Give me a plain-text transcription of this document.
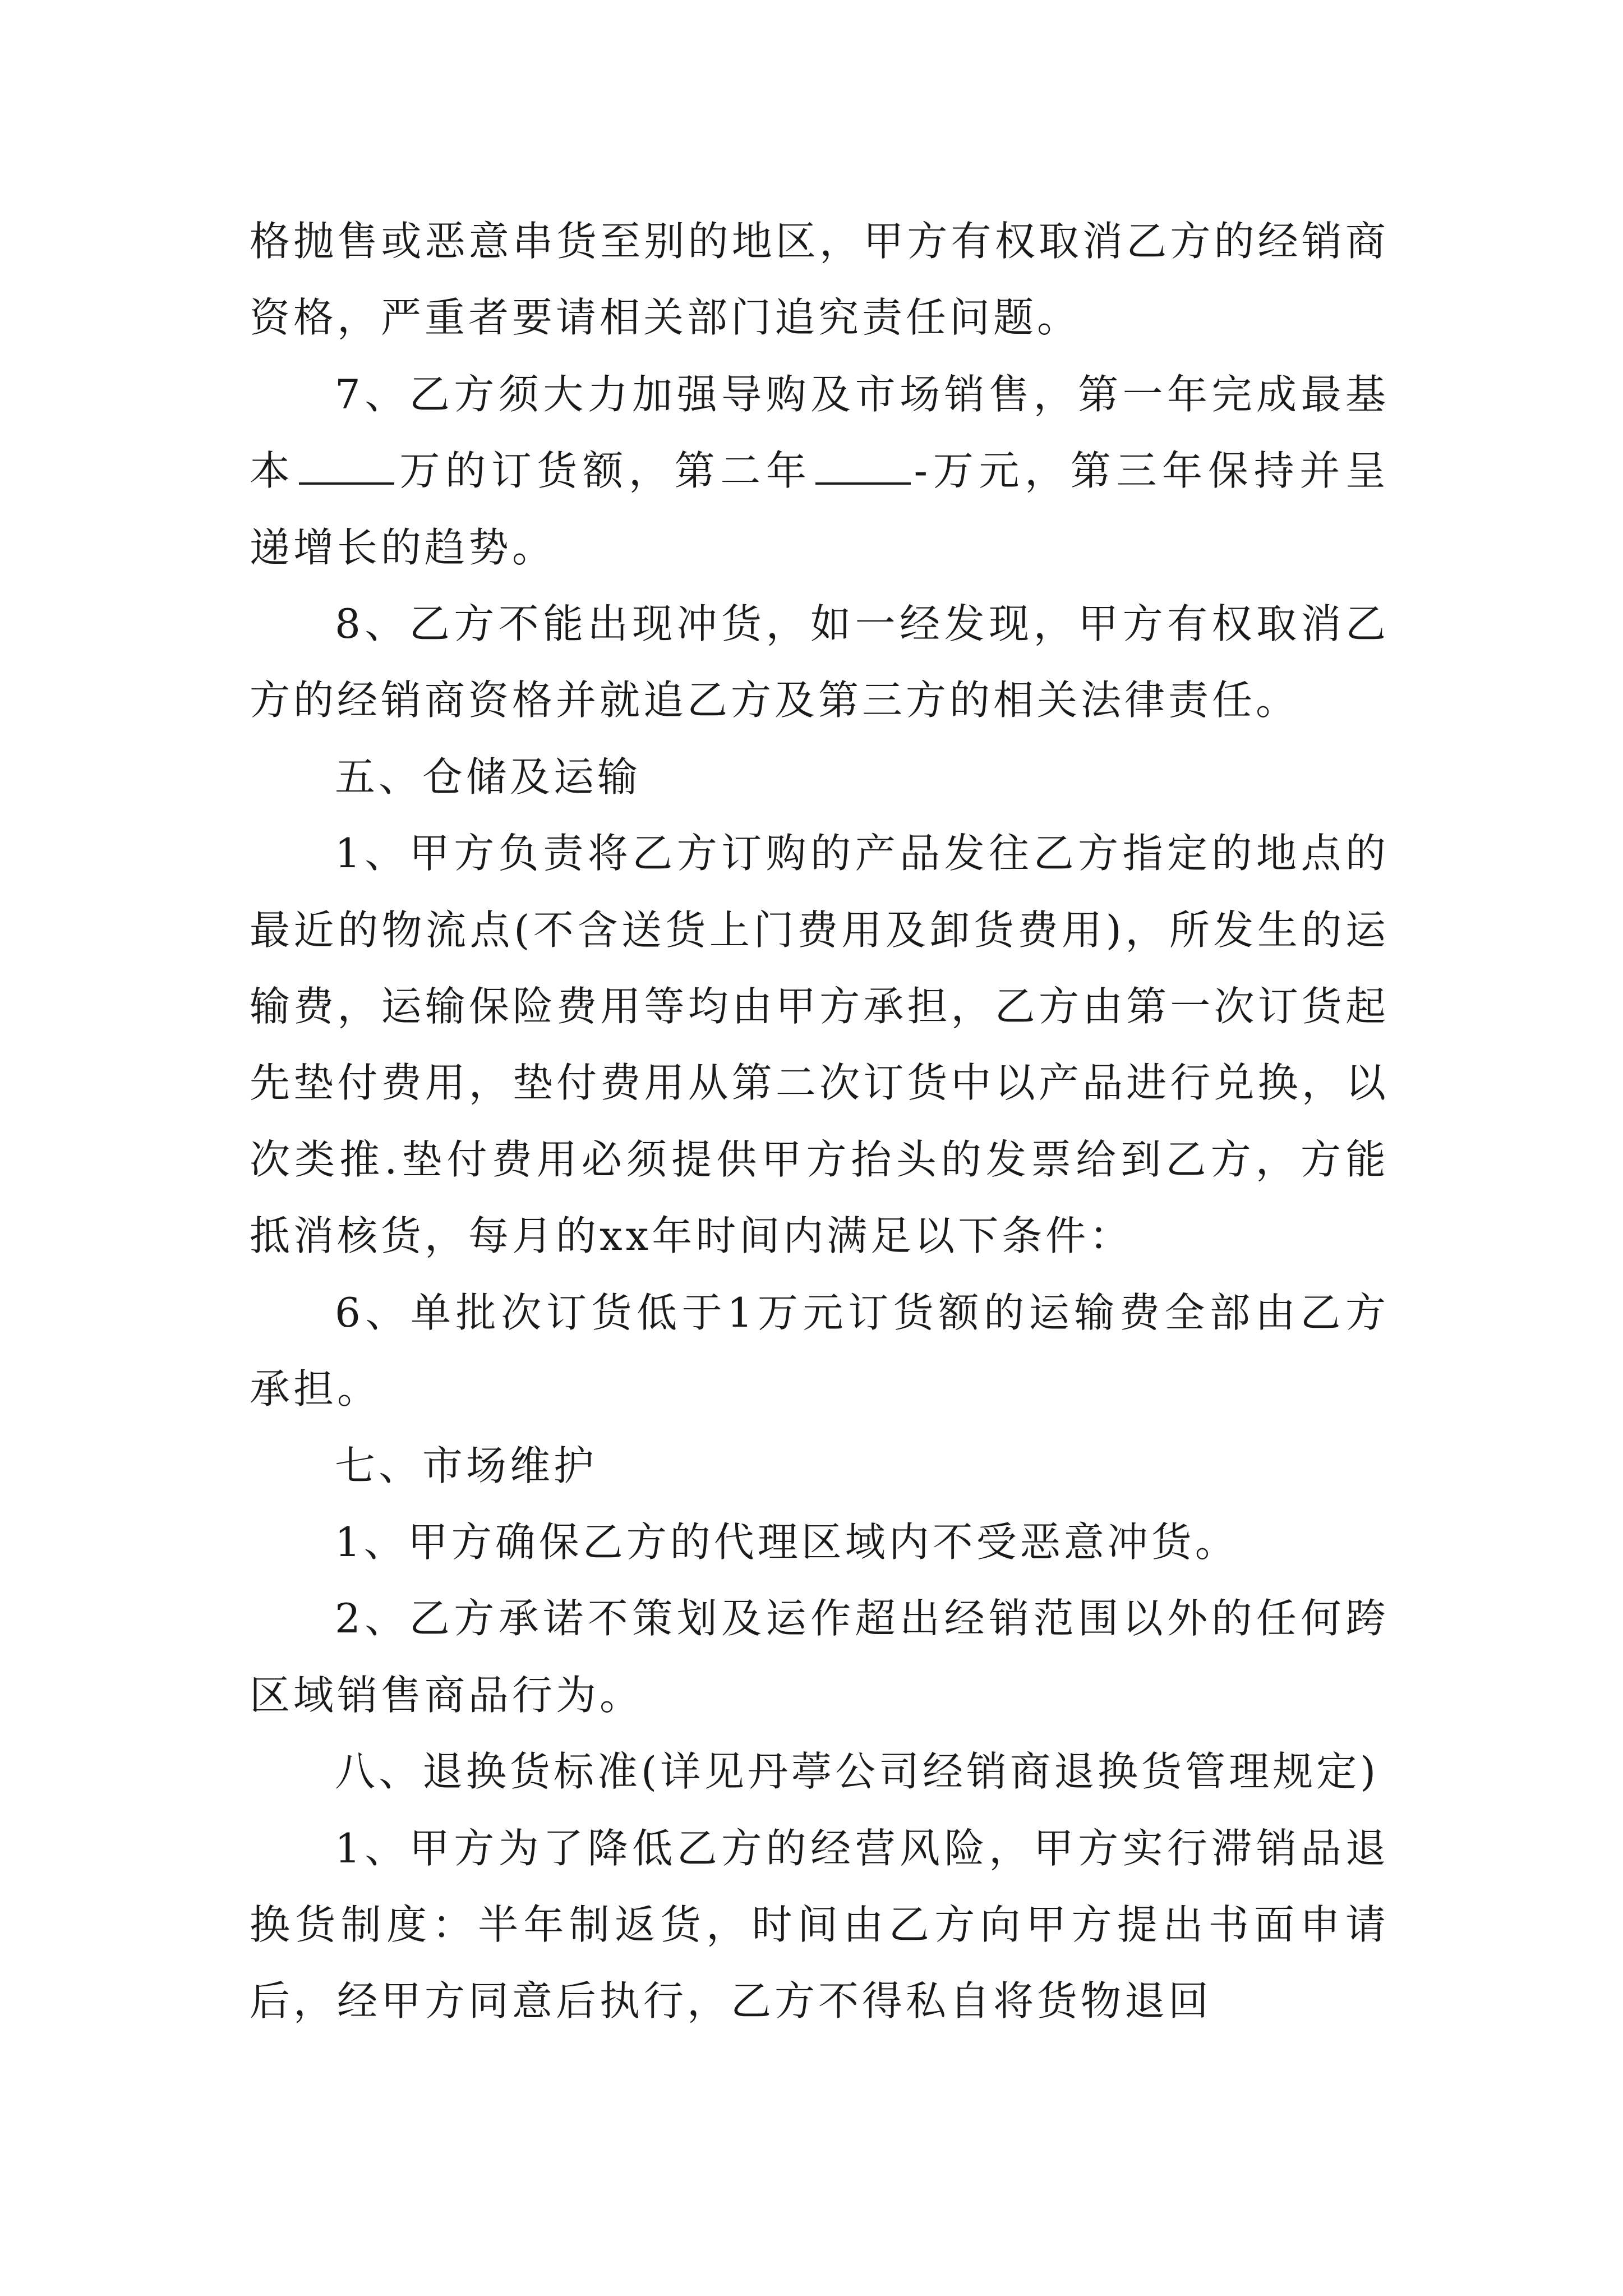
格抛售或恶意串货至别的地区，甲方有权取消乙方的经销商资格，严重者要请相关部门追究责任问题。

7、乙方须大力加强导购及市场销售，第一年完成最基本	万的订货额，第二年	-万元，第三年保持并呈递增长的趋势。

8、乙方不能出现冲货，如一经发现，甲方有权取消乙方的经销商资格并就追乙方及第三方的相关法律责任。

五、仓储及运输

1、甲方负责将乙方订购的产品发往乙方指定的地点的最近的物流点(不含送货上门费用及卸货费用)，所发生的运输费，运输保险费用等均由甲方承担，乙方由第一次订货起先垫付费用，垫付费用从第二次订货中以产品进行兑换，以次类推.垫付费用必须提供甲方抬头的发票给到乙方，方能抵消核货，每月的xx年时间内满足以下条件：

6、单批次订货低于1万元订货额的运输费全部由乙方承担。

七、市场维护

1、甲方确保乙方的代理区域内不受恶意冲货。

2、乙方承诺不策划及运作超出经销范围以外的任何跨区域销售商品行为。

八、退换货标准(详见丹葶公司经销商退换货管理规定)

1、甲方为了降低乙方的经营风险，甲方实行滞销品退换货制度：半年制返货，时间由乙方向甲方提出书面申请后，经甲方同意后执行，乙方不得私自将货物退回
